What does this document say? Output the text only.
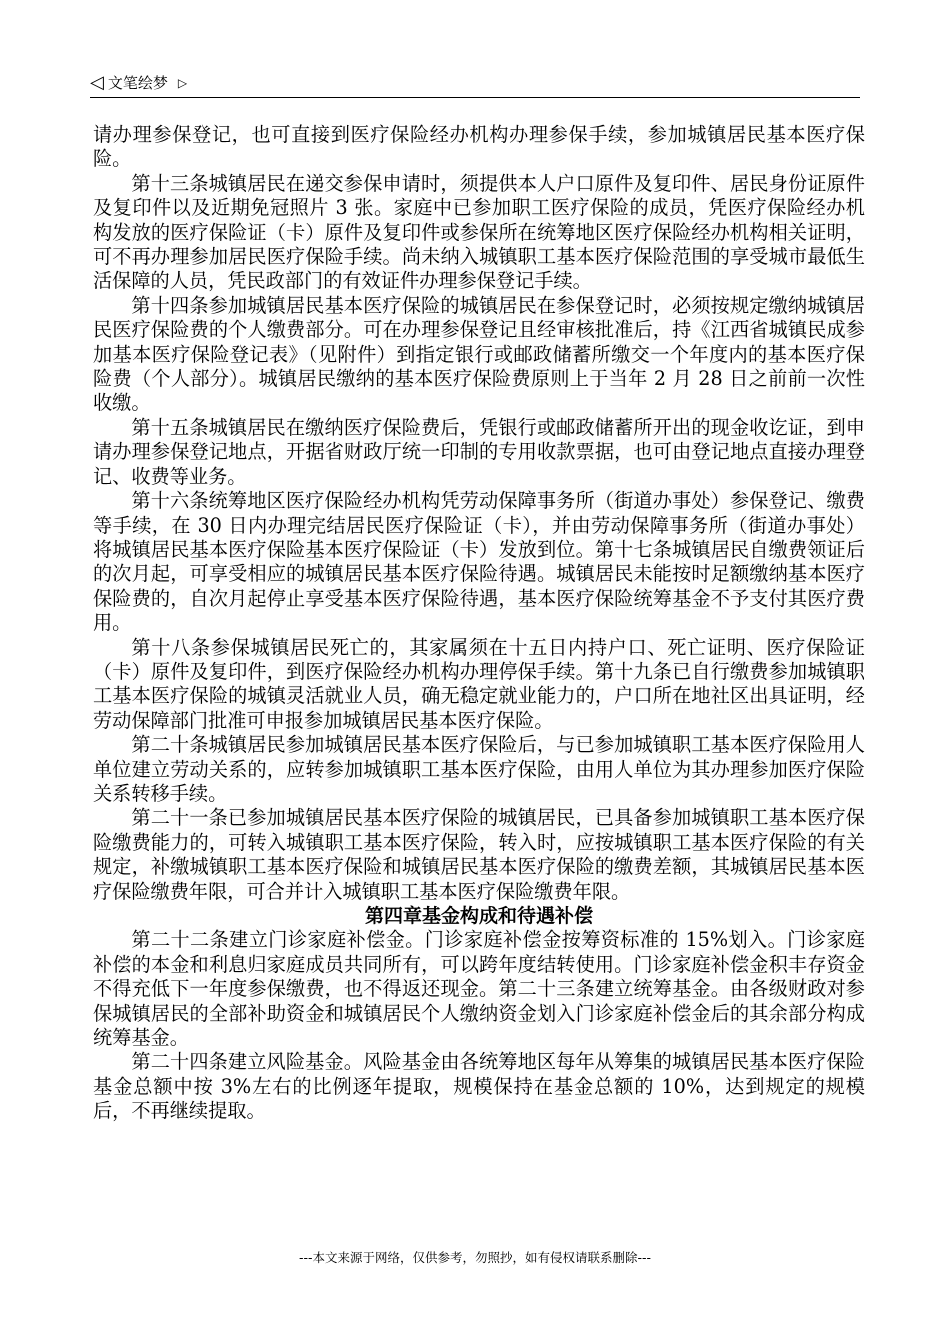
◁ 文笔绘梦 ▷

请办理参保登记，也可直接到医疗保险经办机构办理参保手续，参加城镇居民基本医疗保险。

第十三条城镇居民在递交参保申请时，须提供本人户口原件及复印件、居民身份证原件及复印件以及近期免冠照片 3 张。家庭中已参加职工医疗保险的成员，凭医疗保险经办机构发放的医疗保险证（卡）原件及复印件或参保所在统筹地区医疗保险经办机构相关证明，可不再办理参加居民医疗保险手续。尚未纳入城镇职工基本医疗保险范围的享受城市最低生活保障的人员，凭民政部门的有效证件办理参保登记手续。

第十四条参加城镇居民基本医疗保险的城镇居民在参保登记时，必须按规定缴纳城镇居民医疗保险费的个人缴费部分。可在办理参保登记且经审核批准后，持《江西省城镇民成参加基本医疗保险登记表》（见附件）到指定银行或邮政储蓄所缴交一个年度内的基本医疗保险费（个人部分）。城镇居民缴纳的基本医疗保险费原则上于当年 2 月 28 日之前前一次性收缴。

第十五条城镇居民在缴纳医疗保险费后，凭银行或邮政储蓄所开出的现金收讫证，到申请办理参保登记地点，开据省财政厅统一印制的专用收款票据，也可由登记地点直接办理登记、收费等业务。

第十六条统筹地区医疗保险经办机构凭劳动保障事务所（街道办事处）参保登记、缴费等手续，在 30 日内办理完结居民医疗保险证（卡），并由劳动保障事务所（街道办事处）将城镇居民基本医疗保险基本医疗保险证（卡）发放到位。第十七条城镇居民自缴费领证后的次月起，可享受相应的城镇居民基本医疗保险待遇。城镇居民未能按时足额缴纳基本医疗保险费的，自次月起停止享受基本医疗保险待遇，基本医疗保险统筹基金不予支付其医疗费用。

第十八条参保城镇居民死亡的，其家属须在十五日内持户口、死亡证明、医疗保险证（卡）原件及复印件，到医疗保险经办机构办理停保手续。第十九条已自行缴费参加城镇职工基本医疗保险的城镇灵活就业人员，确无稳定就业能力的，户口所在地社区出具证明，经劳动保障部门批准可申报参加城镇居民基本医疗保险。

第二十条城镇居民参加城镇居民基本医疗保险后，与已参加城镇职工基本医疗保险用人单位建立劳动关系的，应转参加城镇职工基本医疗保险，由用人单位为其办理参加医疗保险关系转移手续。

第二十一条已参加城镇居民基本医疗保险的城镇居民，已具备参加城镇职工基本医疗保险缴费能力的，可转入城镇职工基本医疗保险，转入时，应按城镇职工基本医疗保险的有关规定，补缴城镇职工基本医疗保险和城镇居民基本医疗保险的缴费差额，其城镇居民基本医疗保险缴费年限，可合并计入城镇职工基本医疗保险缴费年限。

第四章基金构成和待遇补偿

第二十二条建立门诊家庭补偿金。门诊家庭补偿金按筹资标准的 15%划入。门诊家庭补偿的本金和利息归家庭成员共同所有，可以跨年度结转使用。门诊家庭补偿金积丰存资金不得充低下一年度参保缴费，也不得返还现金。第二十三条建立统筹基金。由各级财政对参保城镇居民的全部补助资金和城镇居民个人缴纳资金划入门诊家庭补偿金后的其余部分构成统筹基金。

第二十四条建立风险基金。风险基金由各统筹地区每年从筹集的城镇居民基本医疗保险基金总额中按 3%左右的比例逐年提取，规模保持在基金总额的 10%，达到规定的规模后，不再继续提取。

---本文来源于网络，仅供参考，勿照抄，如有侵权请联系删除---
